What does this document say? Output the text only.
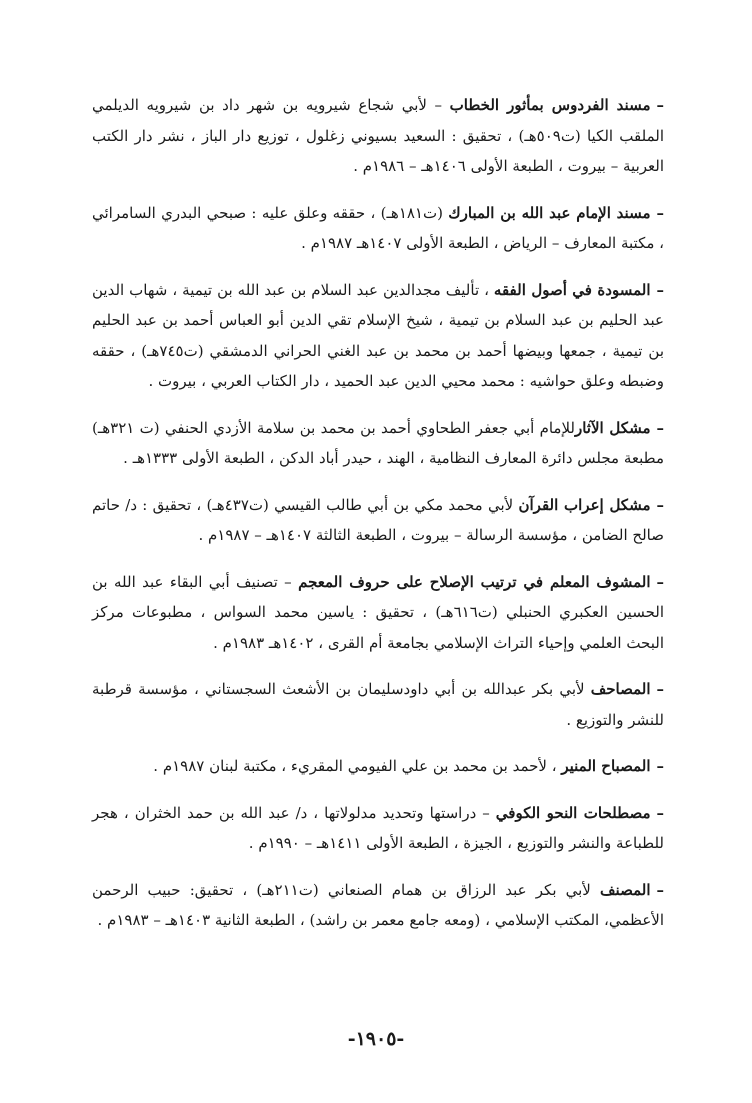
–مسند الفردوس بمأثور الخطاب – لأبي شجاع شيرويه بن شهر داد بن شيرويه الديلمي الملقب الكيا (ت٥٠٩هـ) ، تحقيق : السعيد بسيوني زغلول ، توزيع دار الباز ، نشر دار الكتب العربية – بيروت ، الطبعة الأولى ١٤٠٦هـ – ١٩٨٦م .

–مسند الإمام عبد الله بن المبارك (ت١٨١هـ) ، حققه وعلق عليه : صبحي البدري السامرائي ، مكتبة المعارف – الرياض ، الطبعة الأولى ١٤٠٧هـ ١٩٨٧م .

–المسودة في أصول الفقه ، تأليف مجدالدين عبد السلام بن عبد الله بن تيمية ، شهاب الدين عبد الحليم بن عبد السلام بن تيمية ، شيخ الإسلام تقي الدين أبو العباس أحمد بن عبد الحليم بن تيمية ، جمعها وبيضها أحمد بن محمد بن عبد الغني الحراني الدمشقي (ت٧٤٥هـ) ، حققه وضبطه وعلق حواشيه : محمد محيي الدين عبد الحميد ، دار الكتاب العربي ، بيروت .

–مشكل الآثارللإمام أبي جعفر الطحاوي أحمد بن محمد بن سلامة الأزدي الحنفي (ت ٣٢١هـ) مطبعة مجلس دائرة المعارف النظامية ، الهند ، حيدر أباد الدكن ، الطبعة الأولى ١٣٣٣هـ .

–مشكل إعراب القرآن لأبي محمد مكي بن أبي طالب القيسي (ت٤٣٧هـ) ، تحقيق : د/ حاتم صالح الضامن ، مؤسسة الرسالة – بيروت ، الطبعة الثالثة ١٤٠٧هـ – ١٩٨٧م .

–المشوف المعلم في ترتيب الإصلاح على حروف المعجم – تصنيف أبي البقاء عبد الله بن الحسين العكبري الحنبلي (ت٦١٦هـ) ، تحقيق : ياسين محمد السواس ، مطبوعات مركز البحث العلمي وإحياء التراث الإسلامي بجامعة أم القرى ، ١٤٠٢هـ ١٩٨٣م .

–المصاحف لأبي بكر عبدالله بن أبي داودسليمان بن الأشعث السجستاني ، مؤسسة قرطبة للنشر والتوزيع .

–المصباح المنير ، لأحمد بن محمد بن علي الفيومي المقريء ، مكتبة لبنان ١٩٨٧م .

–مصطلحات النحو الكوفي – دراستها وتحديد مدلولاتها ، د/ عبد الله بن حمد الخثران ، هجر للطباعة والنشر والتوزيع ، الجيزة ، الطبعة الأولى ١٤١١هـ – ١٩٩٠م .

–المصنف لأبي بكر عبد الرزاق بن همام الصنعاني (ت٢١١هـ) ، تحقيق: حبيب الرحمن الأعظمي، المكتب الإسلامي ، (ومعه جامع معمر بن راشد) ، الطبعة الثانية ١٤٠٣هـ – ١٩٨٣م .

-١٩٠٥-
